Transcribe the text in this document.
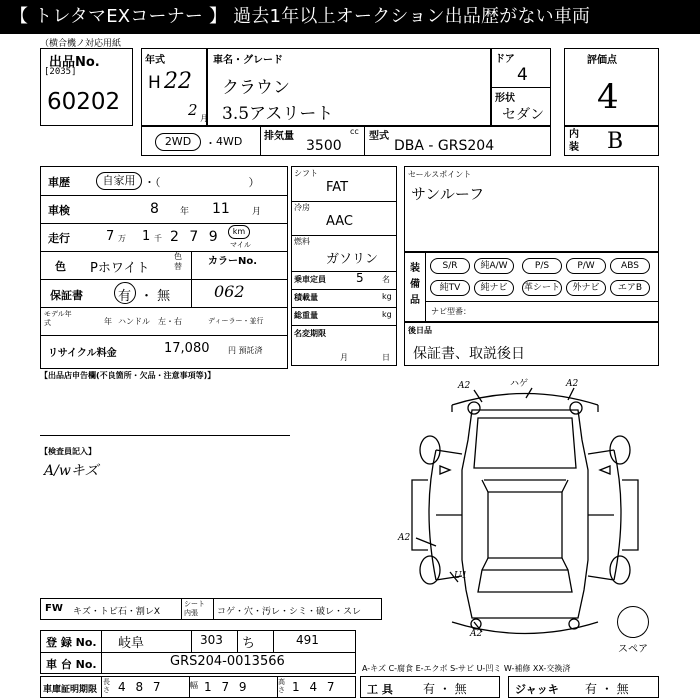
【 トレタマEXコーナー 】 過去1年以上オークション出品歴がない車両
（横合機ノ対応用紙
出品No.
[2035]
60202
年式
H 22
2 月
車名・グレード
クラウン
3.5アスリート
ドア
4
形状
セダン
評価点
4
内装 B
2WD	・ 4WD 排気量	cc
3500
型式
DBA - GRS204
車歴	自家用 ・（　　　　　　　　）
車検	8 年 11 月
走行	7 万 1 千 2 7 9	km
マイル
色 Pホワイト
色替	カラーNo.
062
保証書	有 ・ 無
モデル年式	年 ハンドル　左・右	ディーラー・並行
リサイクル料金	17,080 円 預託済
シフト
FAT
冷房
AAC
燃料
ガソリン
乗車定員	5 名
積載量	kg
総重量	kg
名変期限
月	日
セールスポイント
サンルーフ
装備品
ナビ型番：
S/R	純A/W	P/S	P/W	ABS
純TV	純ナビ	革シート	外ナビ	エアB
後日品
保証書、取説後日
【出品店申告欄(不良箇所・欠品・注意事項等)】
【検査員記入】
A/wキズ
FW キズ・トビ石・割レX
シート
内張	コゲ・穴・汚レ・シミ・破レ・スレ
登 録 No. 岐阜	303 ち	491
車 台 No.	GRS204-0013566
車庫証明期限
長さ 4 8 7	幅 1 7 9	高さ 1 4 7
A-キズ C-腐食 E-エクボ S-サビ U-凹ミ W-補修 XX-交換済
工 具	有 ・ 無	ジャッキ 有 ・ 無
A2	ハゲ	A2
A2
U1
A2
スペア
